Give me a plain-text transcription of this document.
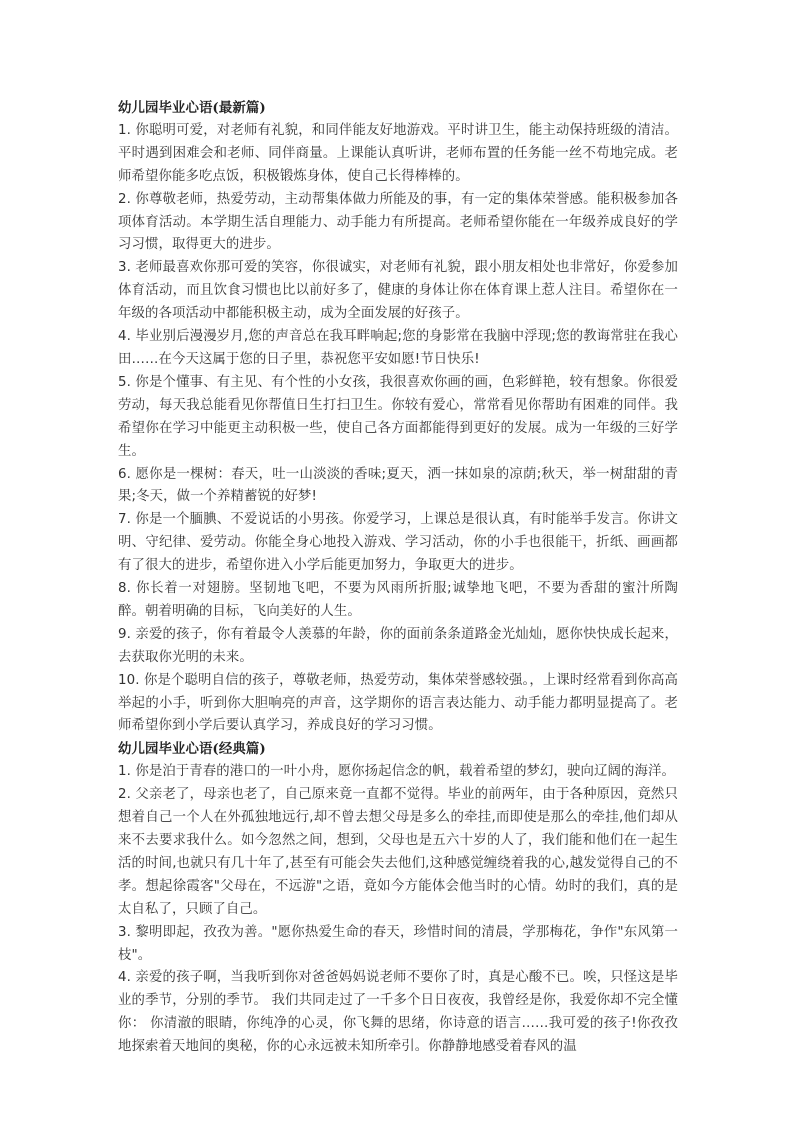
幼儿园毕业心语(最新篇)

1. 你聪明可爱，对老师有礼貌，和同伴能友好地游戏。平时讲卫生，能主动保持班级的清洁。平时遇到困难会和老师、同伴商量。上课能认真听讲，老师布置的任务能一丝不苟地完成。老师希望你能多吃点饭，积极锻炼身体，使自己长得棒棒的。

2. 你尊敬老师，热爱劳动，主动帮集体做力所能及的事，有一定的集体荣誉感。能积极参加各项体育活动。本学期生活自理能力、动手能力有所提高。老师希望你能在一年级养成良好的学习习惯，取得更大的进步。

3. 老师最喜欢你那可爱的笑容，你很诚实，对老师有礼貌，跟小朋友相处也非常好，你爱参加体育活动，而且饮食习惯也比以前好多了，健康的身体让你在体育课上惹人注目。希望你在一年级的各项活动中都能积极主动，成为全面发展的好孩子。

4. 毕业别后漫漫岁月,您的声音总在我耳畔响起;您的身影常在我脑中浮现;您的教诲常驻在我心田……在今天这属于您的日子里，恭祝您平安如愿!节日快乐!

5. 你是个懂事、有主见、有个性的小女孩，我很喜欢你画的画，色彩鲜艳，较有想象。你很爱劳动，每天我总能看见你帮值日生打扫卫生。你较有爱心，常常看见你帮助有困难的同伴。我希望你在学习中能更主动积极一些，使自己各方面都能得到更好的发展。成为一年级的三好学生。

6. 愿你是一棵树：春天，吐一山淡淡的香味;夏天，洒一抹如泉的凉荫;秋天，举一树甜甜的青果;冬天，做一个养精蓄锐的好梦!

7. 你是一个腼腆、不爱说话的小男孩。你爱学习，上课总是很认真，有时能举手发言。你讲文明、守纪律、爱劳动。你能全身心地投入游戏、学习活动，你的小手也很能干，折纸、画画都有了很大的进步，希望你进入小学后能更加努力，争取更大的进步。

8. 你长着一对翅膀。坚韧地飞吧，不要为风雨所折服;诚挚地飞吧，不要为香甜的蜜汁所陶醉。朝着明确的目标，飞向美好的人生。

9. 亲爱的孩子，你有着最令人羡慕的年龄，你的面前条条道路金光灿灿，愿你快快成长起来，去获取你光明的未来。

10. 你是个聪明自信的孩子，尊敬老师，热爱劳动，集体荣誉感较强。，上课时经常看到你高高举起的小手，听到你大胆响亮的声音，这学期你的语言表达能力、动手能力都明显提高了。老师希望你到小学后要认真学习，养成良好的学习习惯。

幼儿园毕业心语(经典篇)

1. 你是泊于青春的港口的一叶小舟，愿你扬起信念的帆，载着希望的梦幻，驶向辽阔的海洋。

2. 父亲老了，母亲也老了，自己原来竟一直都不觉得。毕业的前两年，由于各种原因，竟然只想着自己一个人在外孤独地远行,却不曾去想父母是多么的牵挂,而即使是那么的牵挂,他们却从来不去要求我什么。如今忽然之间，想到，父母也是五六十岁的人了，我们能和他们在一起生活的时间,也就只有几十年了,甚至有可能会失去他们,这种感觉缠绕着我的心,越发觉得自己的不孝。想起徐霞客"父母在，不远游"之语，竟如今方能体会他当时的心情。幼时的我们，真的是太自私了，只顾了自己。

3. 黎明即起，孜孜为善。"愿你热爱生命的春天，珍惜时间的清晨，学那梅花，争作"东风第一枝"。

4. 亲爱的孩子啊，当我听到你对爸爸妈妈说老师不要你了时，真是心酸不已。唉，只怪这是毕业的季节，分别的季节。 我们共同走过了一千多个日日夜夜，我曾经是你，我爱你却不完全懂你： 你清澈的眼睛，你纯净的心灵，你飞舞的思绪，你诗意的语言……我可爱的孩子!你孜孜地探索着天地间的奥秘，你的心永远被未知所牵引。你静静地感受着春风的温
